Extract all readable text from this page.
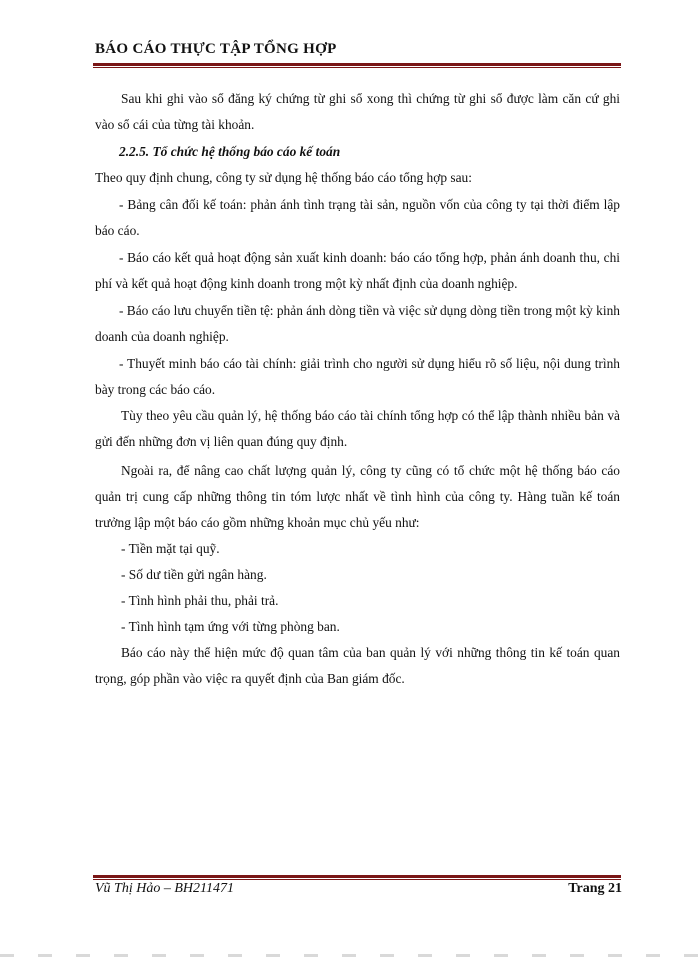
BÁO CÁO THỰC TẬP TỔNG HỢP

Sau khi ghi vào sổ đăng ký chứng từ ghi sổ xong thì chứng từ ghi sổ được làm căn cứ ghi vào sổ cái của từng tài khoản.

2.2.5. Tổ chức hệ thống báo cáo kế toán

Theo quy định chung, công ty sử dụng hệ thống báo cáo tổng hợp sau:

- Bảng cân đối kế toán: phản ánh tình trạng tài sản, nguồn vốn của công ty tại thời điểm lập báo cáo.

- Báo cáo kết quả hoạt động sản xuất kinh doanh: báo cáo tổng hợp, phản ánh doanh thu, chi phí và kết quả hoạt động kinh doanh trong một kỳ nhất định của doanh nghiệp.

- Báo cáo lưu chuyển tiền tệ: phản ánh dòng tiền và việc sử dụng dòng tiền trong một kỳ kinh doanh của doanh nghiệp.

- Thuyết minh báo cáo tài chính: giải trình cho người sử dụng hiểu rõ số liệu, nội dung trình bày trong các báo cáo.

Tùy theo yêu cầu quản lý, hệ thống báo cáo tài chính tổng hợp có thể lập thành nhiều bản và gửi đến những đơn vị liên quan đúng quy định.

Ngoài ra, để nâng cao chất lượng quản lý, công ty cũng có tổ chức một hệ thống báo cáo quản trị cung cấp những thông tin tóm lược nhất về tình hình của công ty. Hàng tuần kế toán trưởng lập một báo cáo gồm những khoản mục chủ yếu như:

- Tiền mặt tại quỹ.

- Số dư tiền gửi ngân hàng.

- Tình hình phải thu, phải trả.

- Tình hình tạm ứng với từng phòng ban.

Báo cáo này thể hiện mức độ quan tâm của ban quản lý với những thông tin kế toán quan trọng, góp phần vào việc ra quyết định của Ban giám đốc.

Vũ Thị Hảo – BH211471	Trang 21
